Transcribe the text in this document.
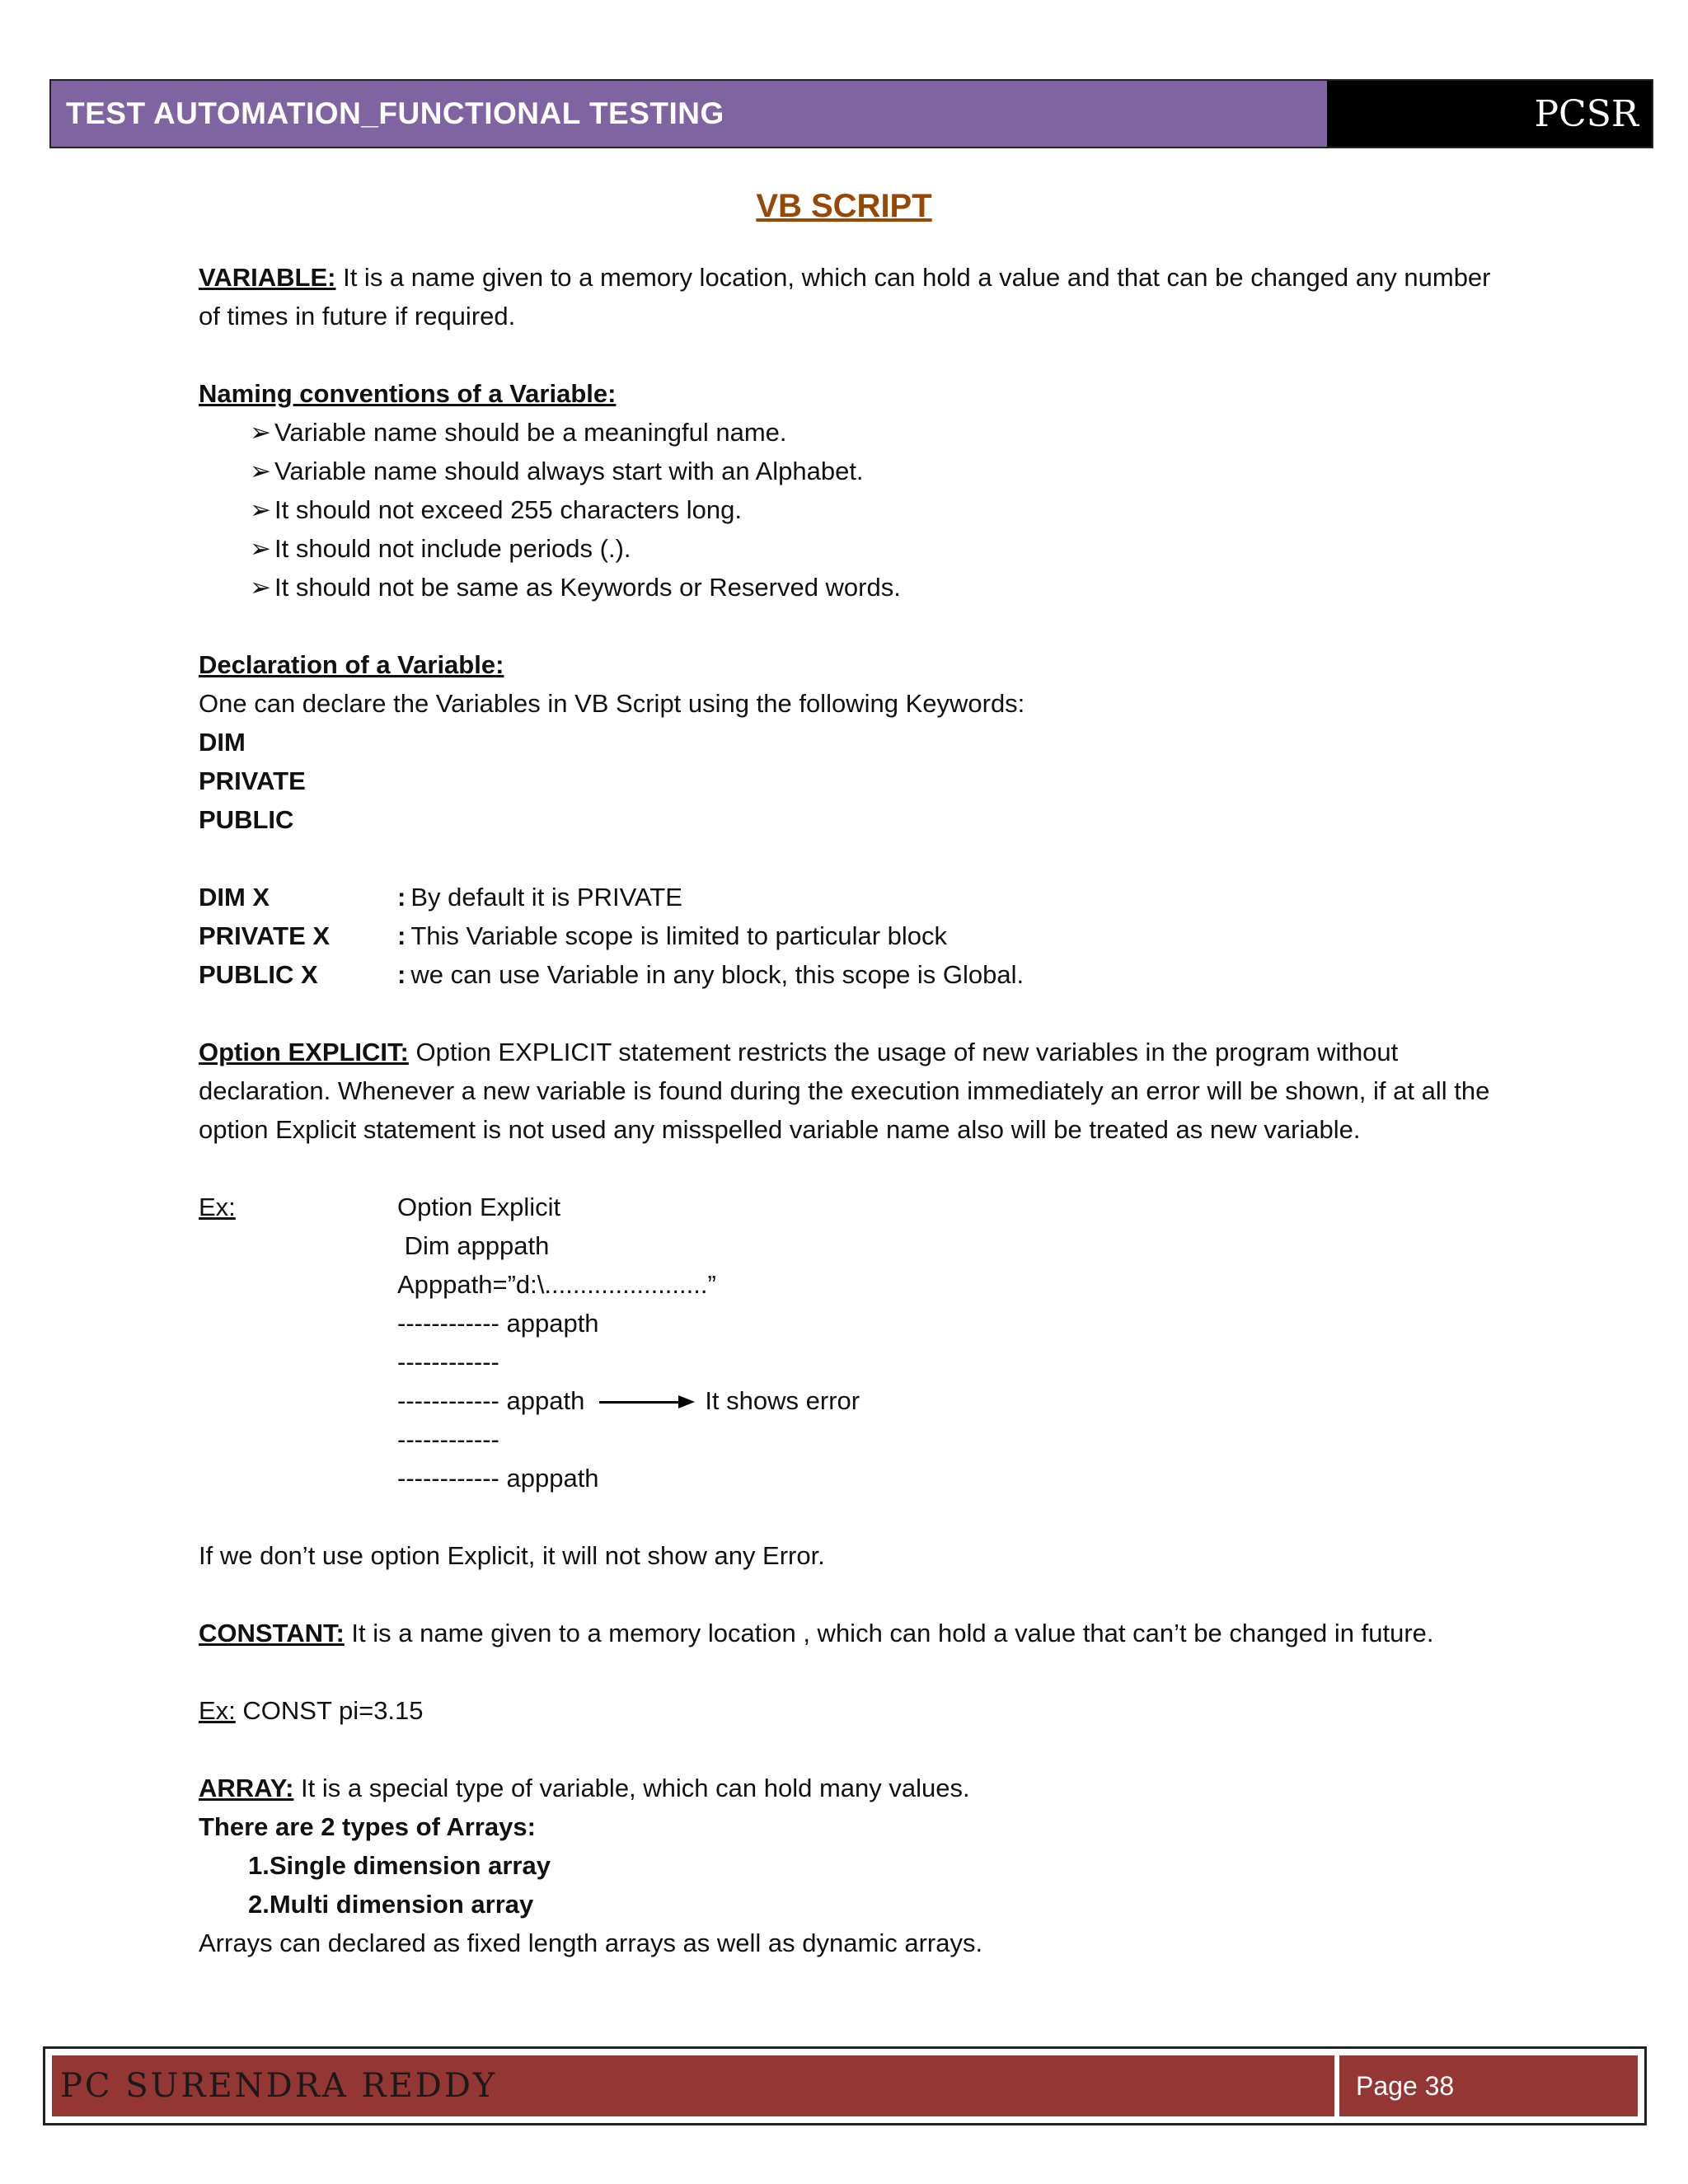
TEST AUTOMATION_FUNCTIONAL TESTING	PCSR
VB SCRIPT

VARIABLE: It is a name given to a memory location, which can hold a value and that can be changed any number of times in future if required.

Naming conventions of a Variable:

➢ Variable name should be a meaningful name.
➢ Variable name should always start with an Alphabet.
➢ It should not exceed 255 characters long.
➢ It should not include periods (.).
➢ It should not be same as Keywords or Reserved words.

Declaration of a Variable:

One can declare the Variables in VB Script using the following Keywords:

DIM

PRIVATE

PUBLIC

DIM X	: By default it is PRIVATE
PRIVATE X	: This Variable scope is limited to particular block
PUBLIC X	: we can use Variable in any block, this scope is Global.

Option EXPLICIT: Option EXPLICIT statement restricts the usage of new variables in the program without declaration. Whenever a new variable is found during the execution immediately an error will be shown, if at all the option Explicit statement is not used any misspelled variable name also will be treated as new variable.

Ex:	Option Explicit
Dim apppath
Apppath=”d:\.......................”
------------ appapth
------------
------------ appath	It shows error
------------
------------ apppath

If we don’t use option Explicit, it will not show any Error.

CONSTANT: It is a name given to a memory location , which can hold a value that can’t be changed in future.

Ex: CONST pi=3.15

ARRAY: It is a special type of variable, which can hold many values.

There are 2 types of Arrays:

1.Single dimension array

2.Multi dimension array

Arrays can declared as fixed length arrays as well as dynamic arrays.

PC SURENDRA REDDY	Page 38
